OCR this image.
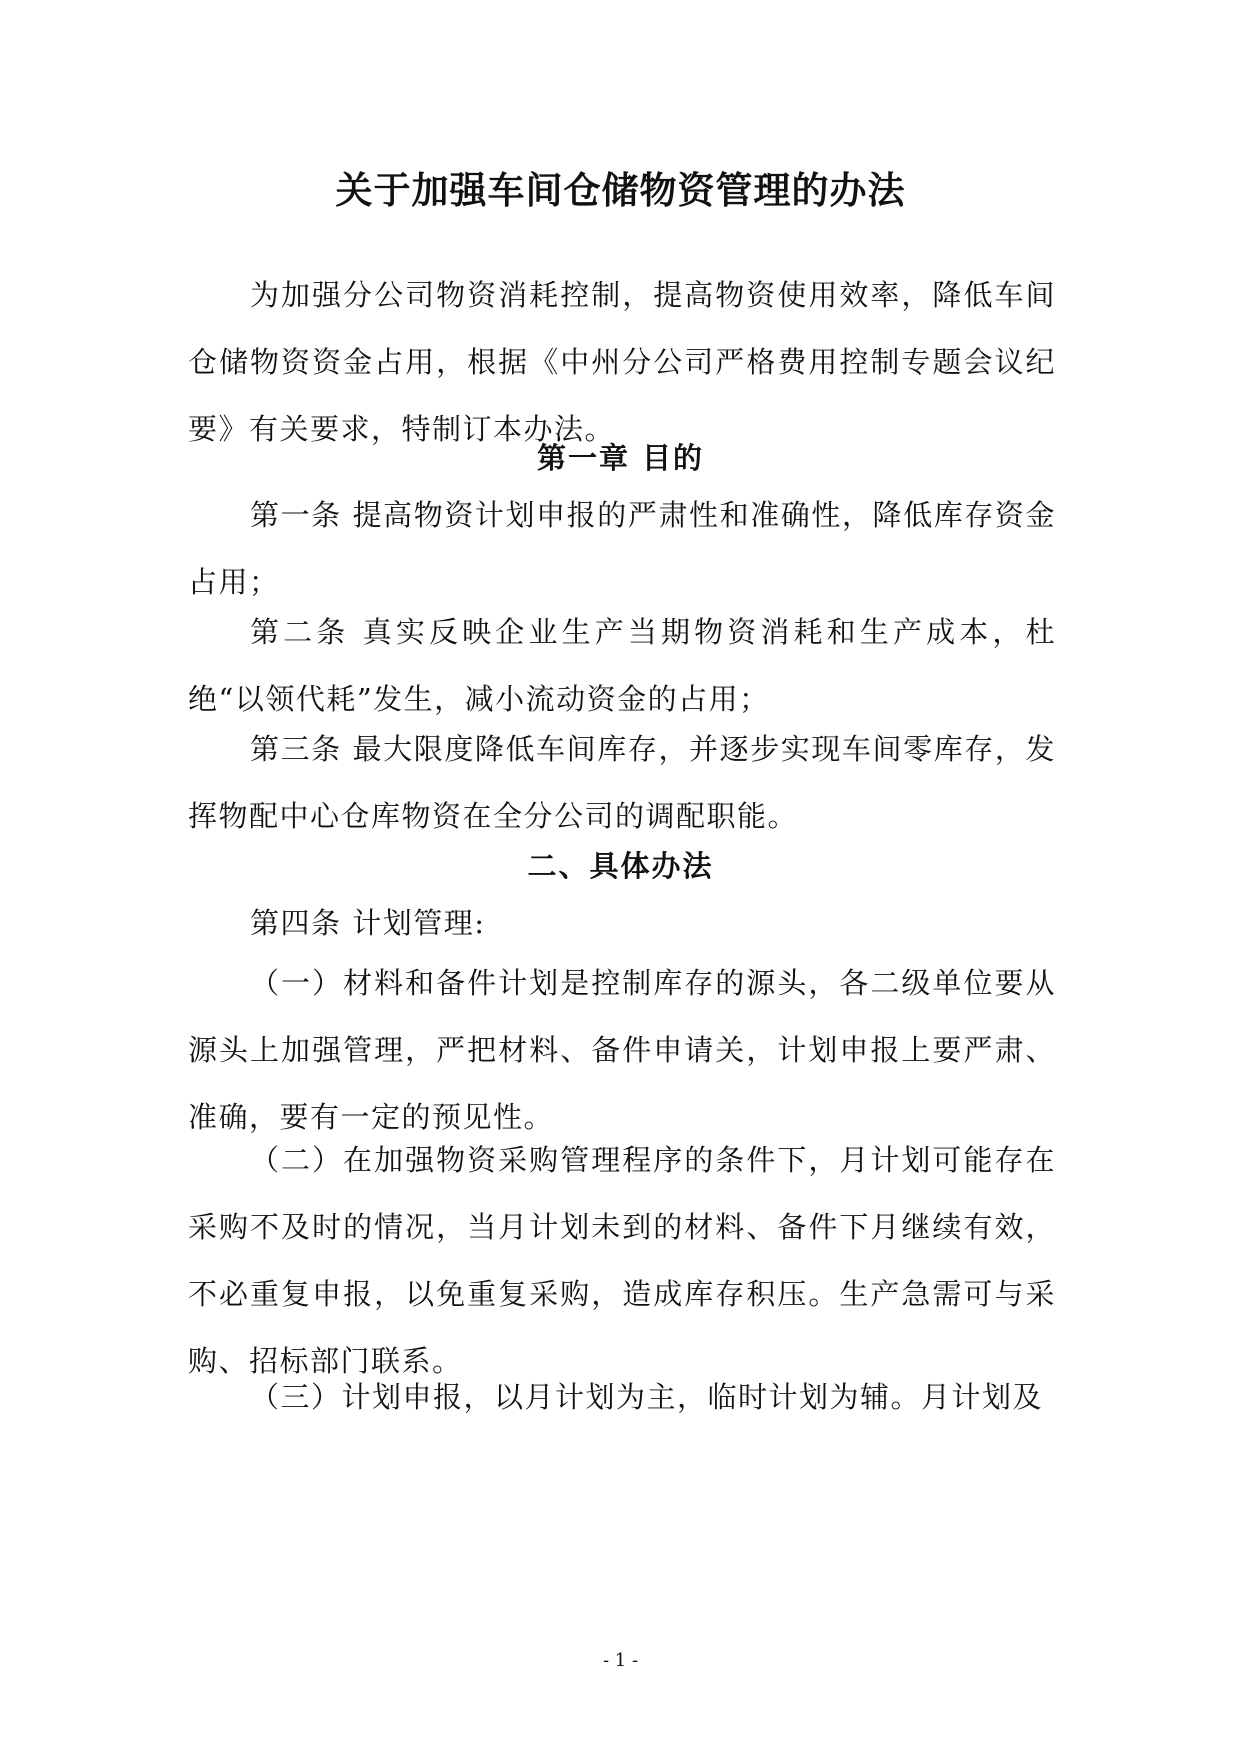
关于加强车间仓储物资管理的办法
为加强分公司物资消耗控制，提高物资使用效率，降低车间仓储物资资金占用，根据《中州分公司严格费用控制专题会议纪要》有关要求，特制订本办法。
第一章 目的
第一条 提高物资计划申报的严肃性和准确性，降低库存资金占用；
第二条 真实反映企业生产当期物资消耗和生产成本，杜绝“以领代耗”发生，减小流动资金的占用；
第三条 最大限度降低车间库存，并逐步实现车间零库存，发挥物配中心仓库物资在全分公司的调配职能。
二、具体办法
第四条 计划管理:
（一）材料和备件计划是控制库存的源头，各二级单位要从源头上加强管理，严把材料、备件申请关，计划申报上要严肃、准确，要有一定的预见性。
（二）在加强物资采购管理程序的条件下，月计划可能存在采购不及时的情况，当月计划未到的材料、备件下月继续有效，不必重复申报，以免重复采购，造成库存积压。生产急需可与采购、招标部门联系。
（三）计划申报，以月计划为主，临时计划为辅。月计划及
- 1 -
